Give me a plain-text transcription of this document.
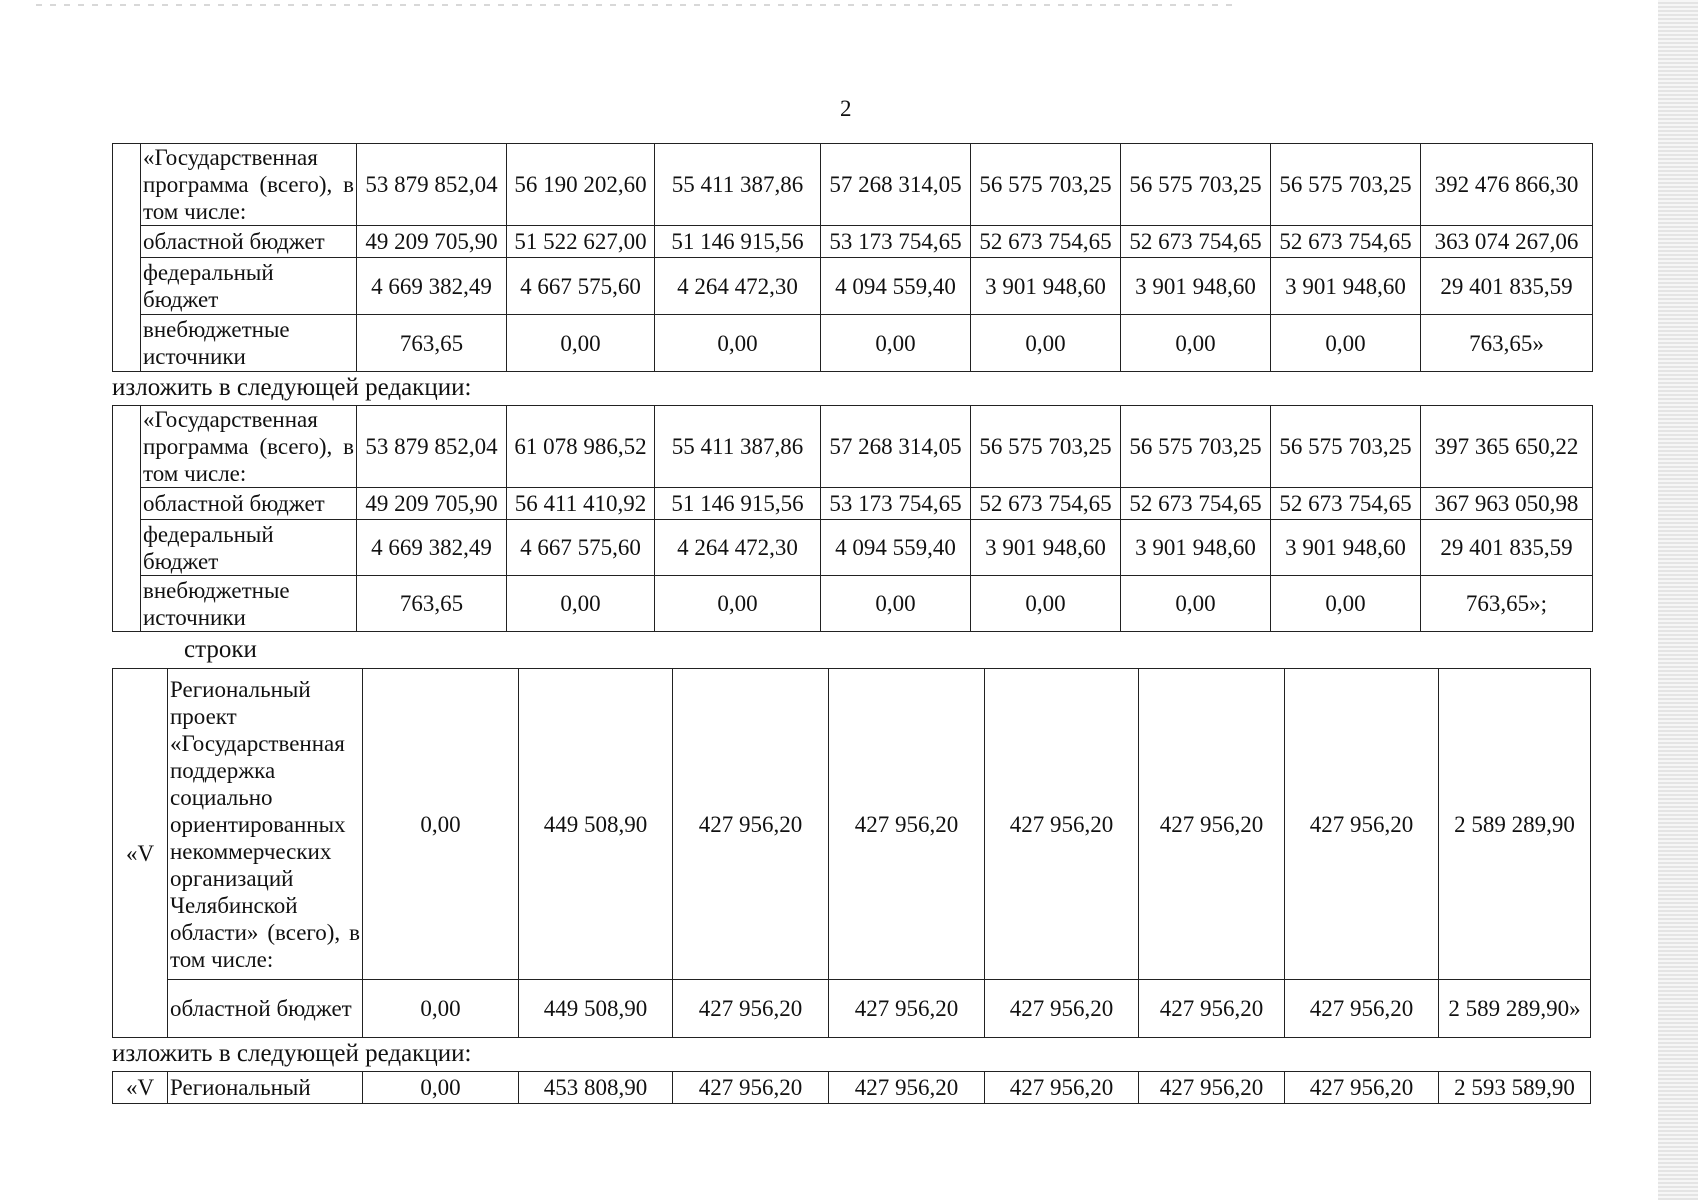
2
	«Государственная программа (всего), в том числе:	53 879 852,04	56 190 202,60	55 411 387,86	57 268 314,05	56 575 703,25	56 575 703,25	56 575 703,25	392 476 866,30
	областной бюджет	49 209 705,90	51 522 627,00	51 146 915,56	53 173 754,65	52 673 754,65	52 673 754,65	52 673 754,65	363 074 267,06
	федеральный бюджет	4 669 382,49	4 667 575,60	4 264 472,30	4 094 559,40	3 901 948,60	3 901 948,60	3 901 948,60	29 401 835,59
	внебюджетные источники	763,65	0,00	0,00	0,00	0,00	0,00	0,00	763,65»
изложить в следующей редакции:
	«Государственная программа (всего), в том числе:	53 879 852,04	61 078 986,52	55 411 387,86	57 268 314,05	56 575 703,25	56 575 703,25	56 575 703,25	397 365 650,22
	областной бюджет	49 209 705,90	56 411 410,92	51 146 915,56	53 173 754,65	52 673 754,65	52 673 754,65	52 673 754,65	367 963 050,98
	федеральный бюджет	4 669 382,49	4 667 575,60	4 264 472,30	4 094 559,40	3 901 948,60	3 901 948,60	3 901 948,60	29 401 835,59
	внебюджетные источники	763,65	0,00	0,00	0,00	0,00	0,00	0,00	763,65»;
строки
«V	Региональный проект «Государственная поддержка социально ориентированных некоммерческих организаций Челябинской области» (всего), в том числе:	0,00	449 508,90	427 956,20	427 956,20	427 956,20	427 956,20	427 956,20	2 589 289,90
	областной бюджет	0,00	449 508,90	427 956,20	427 956,20	427 956,20	427 956,20	427 956,20	2 589 289,90»
изложить в следующей редакции:
«V	Региональный	0,00	453 808,90	427 956,20	427 956,20	427 956,20	427 956,20	427 956,20	2 593 589,90
